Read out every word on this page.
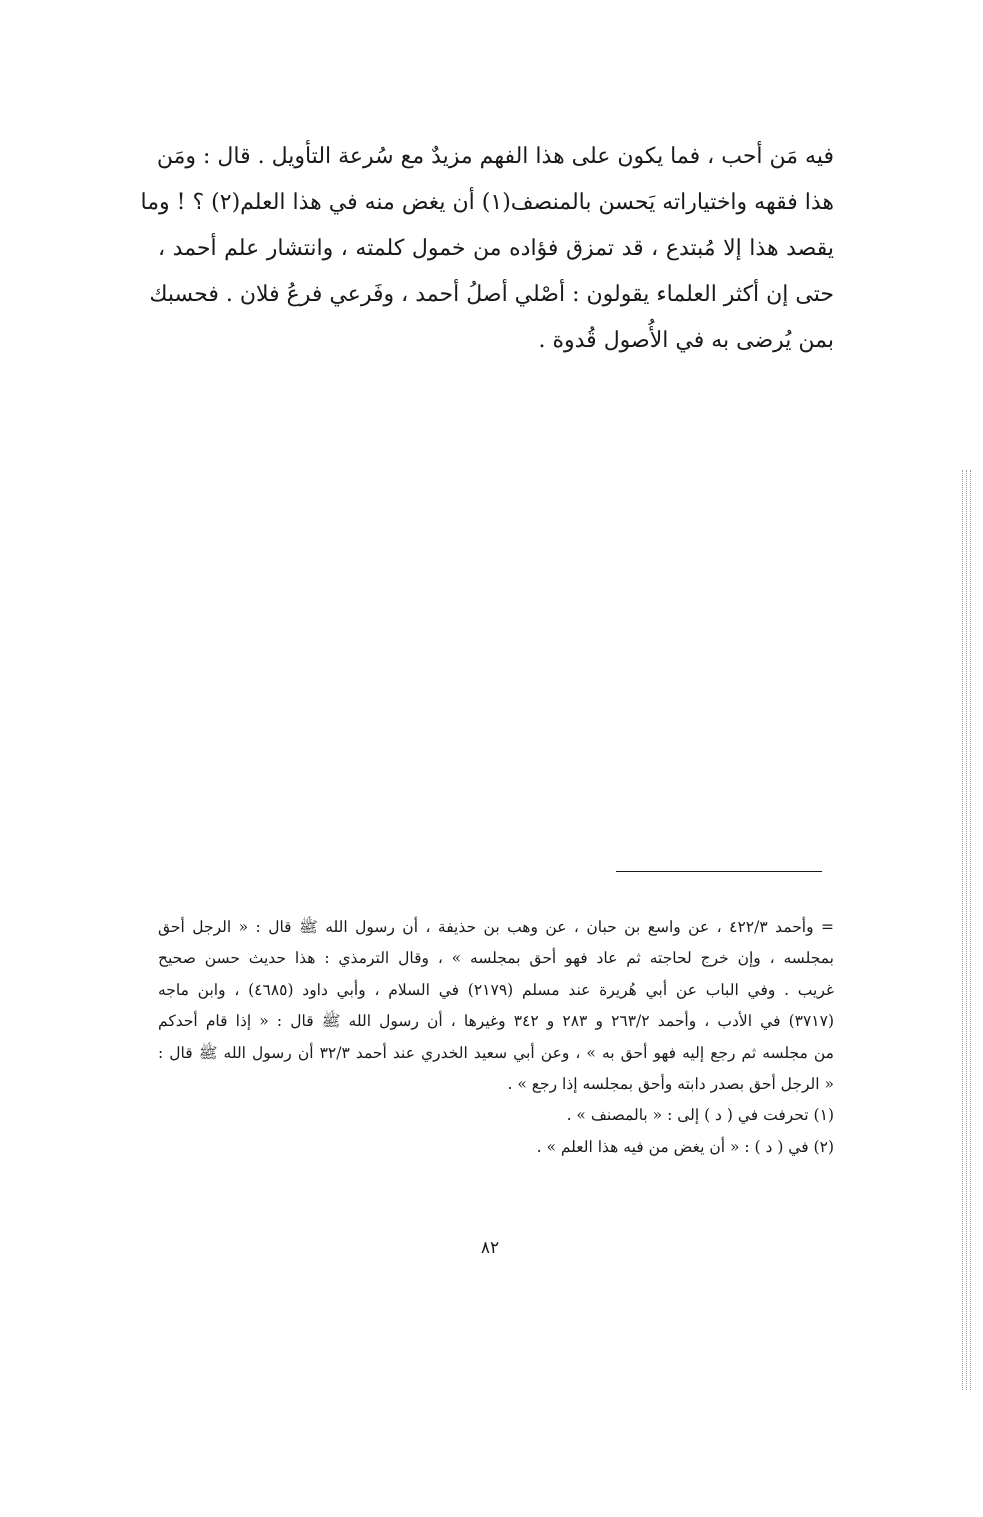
فيه مَن أحب ، فما يكون على هذا الفهم مزيدٌ مع سُرعة التأويل . قال : ومَن
هذا فقهه واختياراته يَحسن بالمنصف(١) أن يغض منه في هذا العلم(٢) ؟ ! وما
يقصد هذا إلا مُبتدع ، قد تمزق فؤاده من خمول كلمته ، وانتشار علم أحمد ،
حتى إن أكثر العلماء يقولون : أصْلي أصلُ أحمد ، وفَرعي فرعُ فلان . فحسبك
بمن يُرضى به في الأُصول قُدوة .
= وأحمد ٤٢٢/٣ ، عن واسع بن حبان ، عن وهب بن حذيفة ، أن رسول الله ﷺ قال : « الرجل أحق
بمجلسه ، وإن خرج لحاجته ثم عاد فهو أحق بمجلسه » ، وقال الترمذي : هذا حديث حسن صحيح
غريب . وفي الباب عن أبي هُريرة عند مسلم (٢١٧٩) في السلام ، وأبي داود (٤٦٨٥) ، وابن ماجه
(٣٧١٧) في الأدب ، وأحمد ٢٦٣/٢ و ٢٨٣ و ٣٤٢ وغيرها ، أن رسول الله ﷺ قال : « إذا قام أحدكم
من مجلسه ثم رجع إليه فهو أحق به » ، وعن أبي سعيد الخدري عند أحمد ٣٢/٣ أن رسول الله ﷺ قال :
« الرجل أحق بصدر دابته وأحق بمجلسه إذا رجع » .
(١) تحرفت في ( د ) إلى : « بالمصنف » .
(٢) في ( د ) : « أن يغض من فيه هذا العلم » .
٨٢
